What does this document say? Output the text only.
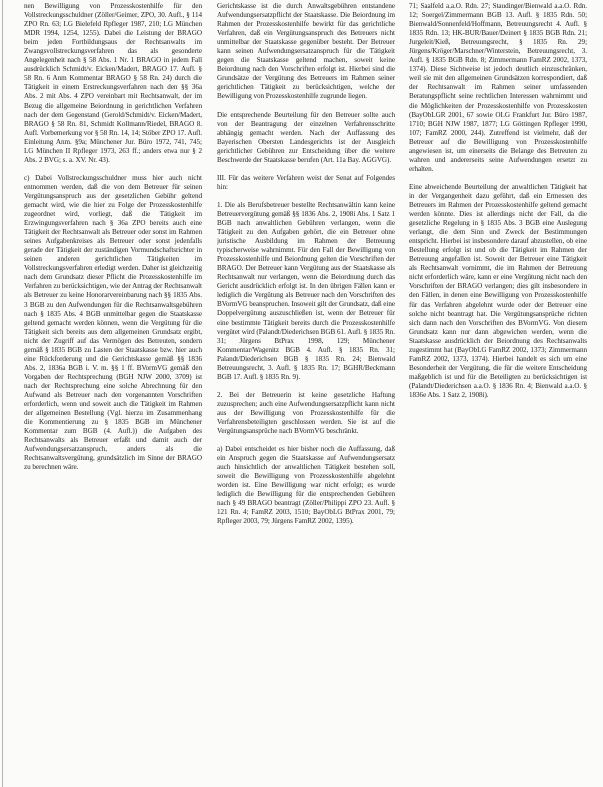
nen Bewilligung von Prozesskostenhilfe für den Vollstreckungsschuldner (Zöller/Geimer, ZPO, 30. Aufl., § 114 ZPO Rn. 63; LG Bielefeld Rpfleger 1987, 210; LG München MDR 1994, 1254, 1255). Dabei die Leistung der BRAGO beim jeden Fortbildungsaus der Rechtsanwalts im Zwangsvollstreckungsverfahren das als gesonderte Angelegenheit nach § 58 Abs. 1 Nr. 1 BRAGO in jedem Fall ausdrücklich Schmidt/v. Eicken/Madert, BRAGO 17. Aufl. § 58 Rn. 6 Anm Kommentar BRAGO § 58 Rn. 24) durch die Tätigkeit in einem Erstreckungsverfahren nach den §§ 36a Abs. 2 mit Abs. 4 ZPO vereinbart mit Rechtsanwalt, der im Bezug die allgemeine Beiordnung in gerichtlichen Verfahren nach der dem Gegenstand (Gerold/Schmidt/v. Eicken/Madert, BRAGO § 58 Rn. 81, Schmidt Kollmann/Riedel, BRAGO 8. Aufl. Vorbemerkung vor § 58 Rn. 14, 14; Stöber ZPO 17. Aufl. Einleitung Anm. §9a; Münchener Jur. Büro 1972, 741, 745; LG München II Rpfleger 1973, 263 ff.; anders etwa nur § 2 Abs. 2 BVG; s. a. XV. Nr. 43).

c) Dabei Vollstreckungsschuldner muss hier auch nicht entnommen werden, daß die von dem Betreuer für seinen Vergütungsanspruch aus der gesetzlichen Gebühr geltend gemacht wird, wie die hier zu Folge der Prozesskostenhilfe zugeordnet wird, vorliegt, daß die Tätigkeit im Erzwingungsverfahren nach § 36a ZPO bereits auch eine Tätigkeit der Rechtsanwalt als Betreuer oder sonst im Rahmen seines Aufgabenkreises als Betreuer oder sonst jedenfalls gerade der Tätigkeit der zuständigen Vormundschaftsrichter in seinen anderen gerichtlichen Tätigkeiten im Vollstreckungsverfahren erledigt werden. Daher ist gleichzeitig nach dem Grundsatz dieser Pflicht die Prozesskostenhilfe im Verfahren zu berücksichtigen, wie der Antrag der Rechtsanwalt als Betreuer zu keine Honorarvereinbarung nach §§ 1835 Abs. 3 BGB zu den Aufwendungen für die Rechtsanwaltsgebühren nach § 1835 Abs. 4 BGB unmittelbar gegen die Staatskasse geltend gemacht werden können, wenn die Vergütung für die Tätigkeit sich bereits aus dem allgemeinen Grundsatz ergibt, nicht der Zugriff auf das Vermögen des Betreuten, sondern gemäß § 1835 BGB zu Lasten der Staatskasse bzw. hier auch eine Rückforderung und die Gerichtskasse gemäß §§ 1836 Abs. 2, 1836a BGB i. V. m. §§ 1 ff. BVormVG gemäß den Vorgaben der Rechtsprechung (BGH NJW 2000, 3709) ist nach der Rechtsprechung eine solche Abrechnung für den Aufwand als Betreuer nach den vorgenannten Vorschriften erforderlich, wenn und soweit auch die Tätigkeit im Rahmen der allgemeinen Bestellung (Vgl. hierzu im Zusammenhang die Kommentierung zu § 1835 BGB im Münchener Kommentar zum BGB (4. Aufl.)) die Aufgaben des Rechtsanwalts als Betreuer erfaßt und damit auch der Aufwendungsersatzanspruch, anders als die Rechtsanwaltsvergütung, grundsätzlich im Sinne der BRAGO zu berechnen wäre.

Gerichtskasse ist die durch Anwaltsgebühren entstandene Aufwendungsersatzpflicht der Staatskasse. Die Beiordnung im Rahmen der Prozesskostenhilfe bewirkt für das gerichtliche Verfahren, daß ein Vergütungsanspruch des Betreuers nicht unmittelbar der Staatskasse gegenüber besteht. Der Betreuer kann seinen Aufwendungsersatzanspruch für die Tätigkeit gegen die Staatskasse geltend machen, soweit keine Beiordnung nach den Vorschriften erfolgt ist. Hierbei sind die Grundsätze der Vergütung des Betreuers im Rahmen seiner gerichtlichen Tätigkeit zu berücksichtigen, welche der Bewilligung von Prozesskostenhilfe zugrunde liegen.

Die entsprechende Beurteilung für den Betreuer sollte auch von der Beantragung der einzelnen Verfahrensschritte abhängig gemacht werden. Nach der Auffassung des Bayerischen Obersten Landesgerichts ist der Ausgleich gerichtlicher Gebühren zur Entscheidung über die weitere Beschwerde der Staatskasse berufen (Art. 11a Bay. AGGVG).

III. Für das weitere Verfahren weist der Senat auf Folgendes hin:

1. Die als Berufsbetreuer bestellte Rechtsanwältin kann keine Betreuervergütung gemäß §§ 1836 Abs. 2, 1908i Abs. 1 Satz 1 BGB nach anwaltlichen Gebühren verlangen, wenn die Tätigkeit zu den Aufgaben gehört, die ein Betreuer ohne juristische Ausbildung im Rahmen der Betreuung typischerweise wahrnimmt. Für den Fall der Bewilligung von Prozesskostenhilfe und Beiordnung gelten die Vorschriften der BRAGO. Der Betreuer kann Vergütung aus der Staatskasse als Rechtsanwalt nur verlangen, wenn die Beiordnung durch das Gericht ausdrücklich erfolgt ist. In den übrigen Fällen kann er lediglich die Vergütung als Betreuer nach den Vorschriften des BVormVG beanspruchen. Insoweit gilt der Grundsatz, daß eine Doppelvergütung auszuschließen ist, wenn der Betreuer für eine bestimmte Tätigkeit bereits durch die Prozesskostenhilfe vergütet wird (Palandt/Diederichsen BGB 61. Aufl. § 1835 Rn. 31; Jürgens BtPrax 1998, 129; Münchener Kommentar/Wagenitz BGB 4. Aufl. § 1835 Rn. 31; Palandt/Diederichsen BGB § 1835 Rn. 24; Bienwald Betreuungsrecht, 3. Aufl. § 1835 Rn. 17; BGHR/Beckmann BGB 17. Aufl. § 1835 Rn. 9).

2. Bei der Betreuerin ist keine gesetzliche Haftung zuzusprechen; auch eine Aufwendungsersatzpflicht kann nicht aus der Bewilligung von Prozesskostenhilfe für die Verfahrensbeteiligten geschlossen werden. Sie ist auf die Vergütungsansprüche nach BVormVG beschränkt.

a) Dabei entscheidet es hier bisher noch die Auffassung, daß ein Anspruch gegen die Staatskasse auf Aufwendungsersatz auch hinsichtlich der anwaltlichen Tätigkeit bestehen soll, soweit die Bewilligung von Prozesskostenhilfe abgelehnt worden ist. Eine Bewilligung war nicht erfolgt; es wurde lediglich die Bewilligung für die entsprechenden Gebühren nach § 49 BRAGO beantragt (Zöller/Philippi ZPO 23. Aufl. § 121 Rn. 4; FamRZ 2003, 1510; BayObLG BtPrax 2001, 79; Rpfleger 2003, 79; Jürgens FamRZ 2002, 1395).

71; Saalfeld a.a.O. Rdn. 27; Staudinger/Bienwald a.a.O. Rdn. 12; Soergel/Zimmermann BGB 13. Aufl. § 1835 Rdn. 50; Bienwald/Sonnenfeld/Hoffmann, Betreuungsrecht 4. Aufl. § 1835 Rdn. 13; HK-BUR/Bauer/Deinert § 1835 BGB Rdn. 21; Jurgeleit/Kieß, Betreuungsrecht, § 1835 Rn. 29; Jürgens/Kröger/Marschner/Winterstein, Betreuungsrecht, 3. Aufl. § 1835 BGB Rdn. 8; Zimmermann FamRZ 2002, 1373, 1374). Diese Sichtweise ist jedoch deutlich einzuschränken, weil sie mit den allgemeinen Grundsätzen korrespondiert, daß der Rechtsanwalt im Rahmen seiner umfassenden Beratungspflicht seine rechtlichen Interessen wahrnimmt und die Möglichkeiten der Prozesskostenhilfe von Prozesskosten (BayObLGR 2001, 67 sowie OLG Frankfurt Jur. Büro 1987, 1710; BGH NJW 1987, 1877; LG Göttingen Rpfleger 1990, 107; FamRZ 2000, 244). Zutreffend ist vielmehr, daß der Betreuer auf die Bewilligung von Prozesskostenhilfe angewiesen ist, um einerseits die Belange des Betreuten zu wahren und andererseits seine Aufwendungen ersetzt zu erhalten.

Eine abweichende Beurteilung der anwaltlichen Tätigkeit hat in der Vergangenheit dazu geführt, daß ein Ermessen des Betreuers im Rahmen der Prozesskostenhilfe geltend gemacht werden könnte. Dies ist allerdings nicht der Fall, da die gesetzliche Regelung in § 1835 Abs. 3 BGB eine Auslegung verlangt, die dem Sinn und Zweck der Bestimmungen entspricht. Hierbei ist insbesondere darauf abzustellen, ob eine Bestellung erfolgt ist und ob die Tätigkeit im Rahmen der Betreuung angefallen ist. Soweit der Betreuer eine Tätigkeit als Rechtsanwalt vornimmt, die im Rahmen der Betreuung nicht erforderlich wäre, kann er eine Vergütung nicht nach den Vorschriften der BRAGO verlangen; dies gilt insbesondere in den Fällen, in denen eine Bewilligung von Prozesskostenhilfe für das Verfahren abgelehnt wurde oder der Betreuer eine solche nicht beantragt hat. Die Vergütungsansprüche richten sich dann nach den Vorschriften des BVormVG. Von diesem Grundsatz kann nur dann abgewichen werden, wenn die Staatskasse ausdrücklich der Beiordnung des Rechtsanwalts zugestimmt hat (BayObLG FamRZ 2002, 1373; Zimmermann FamRZ 2002, 1373, 1374). Hierbei handelt es sich um eine Besonderheit der Vergütung, die für die weitere Entscheidung maßgeblich ist und für die Beteiligten zu berücksichtigen ist (Palandt/Diederichsen a.a.O. § 1836 Rn. 4; Bienwald a.a.O. § 1836e Abs. 1 Satz 2, 1908i).
